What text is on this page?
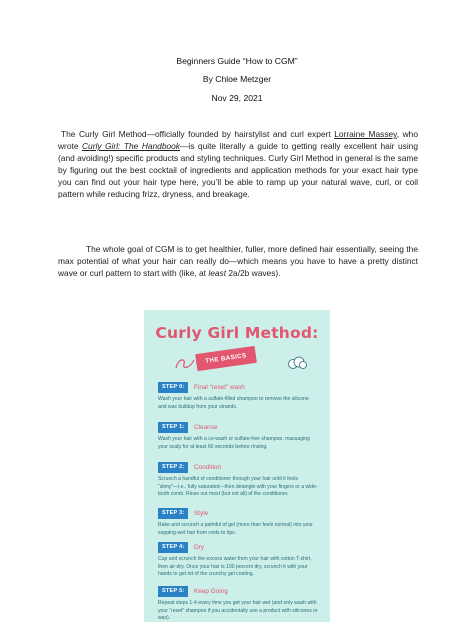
Beginners Guide “How to CGM”
By Chloe Metzger
Nov 29, 2021
The Curly Girl Method—officially founded by hairstylist and curl expert Lorraine Massey, who wrote Curly Girl: The Handbook—is quite literally a guide to getting really excellent hair using (and avoiding!) specific products and styling techniques. Curly Girl Method in general is the same by figuring out the best cocktail of ingredients and application methods for your exact hair type you can find out your hair type here, you’ll be able to ramp up your natural wave, curl, or coil pattern while reducing frizz, dryness, and breakage.
The whole goal of CGM is to get healthier, fuller, more defined hair essentially, seeing the max potential of what your hair can really do—which means you have to have a pretty distinct wave or curl pattern to start with (like, at least 2a/2b waves).
Curly Girl Method:
THE BASICS
STEP 0:	Final “reset” wash
Wash your hair with a sulfate-filled shampoo to remove the silicone and wax buildup from your strands.
STEP 1:	Cleanse
Wash your hair with a co-wash or sulfate-free shampoo, massaging your scalp for at least 60 seconds before rinsing.
STEP 2:	Condition
Scrunch a handful of conditioner through your hair until it feels “slimy”—i.e., fully saturated—then detangle with your fingers or a wide-tooth comb. Rinse out most (but not all) of the conditioner.
STEP 3:	Style
Rake and scrunch a palmful of gel (more than feels normal) into your sopping-wet hair from roots to tips.
STEP 4:	Dry
Cup and scrunch the excess water from your hair with cotton T-shirt, then air-dry. Once your hair is 100 percent dry, scrunch it with your hands to get rid of the crunchy gel coating.
STEP 5:	Keep Going
Repeat steps 1-4 every time you get your hair wet (and only wash with your “reset” shampoo if you accidentally use a product with silicones or wax).
